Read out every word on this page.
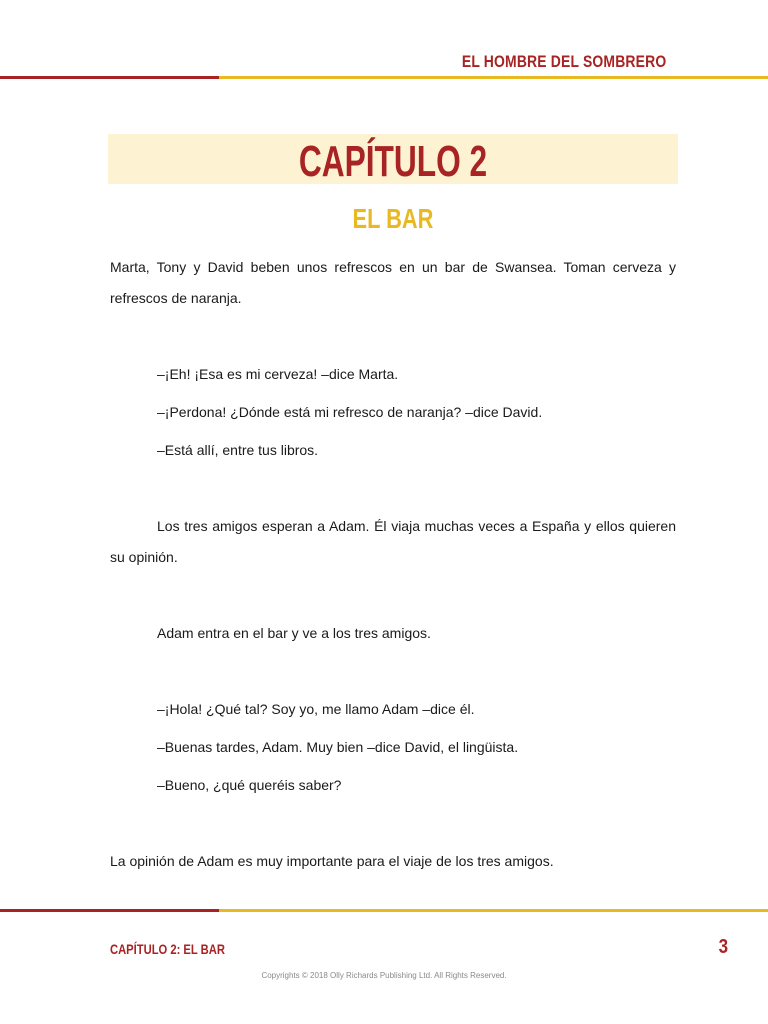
EL HOMBRE DEL SOMBRERO
CAPÍTULO 2
EL BAR
Marta, Tony y David beben unos refrescos en un bar de Swansea. Toman cerveza y refrescos de naranja.
–¡Eh! ¡Esa es mi cerveza! –dice Marta.
–¡Perdona! ¿Dónde está mi refresco de naranja? –dice David.
–Está allí, entre tus libros.
Los tres amigos esperan a Adam. Él viaja muchas veces a España y ellos quieren su opinión.
Adam entra en el bar y ve a los tres amigos.
–¡Hola! ¿Qué tal? Soy yo, me llamo Adam –dice él.
–Buenas tardes, Adam. Muy bien –dice David, el lingüista.
–Bueno, ¿qué queréis saber?
La opinión de Adam es muy importante para el viaje de los tres amigos.
CAPÍTULO 2: EL BAR	3
Copyrights © 2018 Olly Richards Publishing Ltd. All Rights Reserved.
